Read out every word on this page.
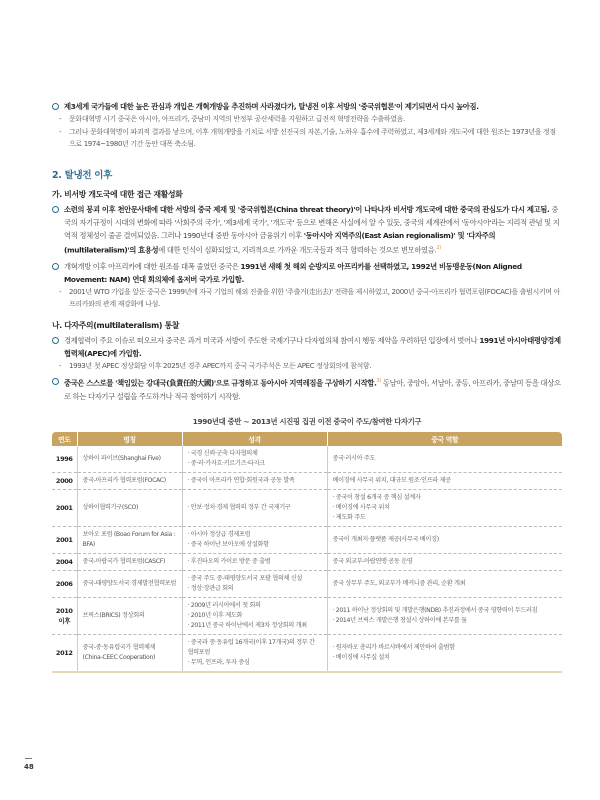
제3세계 국가들에 대한 높은 관심과 개입은 개혁개방을 추진하며 사라졌다가, 탈냉전 이후 서방의 '중국위협론'이 제기되면서 다시 높아짐.
- 문화대혁명 시기 중국은 아시아, 아프리카, 중남미 지역의 반정부 공산세력을 지원하고 급진적 혁명전략을 수출하였음.
- 그러나 문화대혁명이 파괴적 결과를 낳으며, 이후 개혁개방을 기치로 서방 선진국의 자본,기술, 노하우 흡수에 주력하였고, 제3세계와 개도국에 대한 원조는 1973년을 정점으로 1974~1980년 기간 동안 대폭 축소됨.
2. 탈냉전 이후
가. 비서방 개도국에 대한 접근 재활성화
소련의 붕괴 이후 천안문사태에 대한 서방의 중국 제재 및 '중국위협론(China threat theory)'이 나타나자 비서방 개도국에 대한 중국의 관심도가 다시 제고됨. 중국의 자기규정이 시대의 변화에 따라 '사회주의 국가', '제3세계 국가', '개도국' 등으로 변해온 사실에서 알 수 있듯, 중국의 세계관에서 '동아시아'라는 지리적 관념 및 지역적 정체성이 줄곧 결여되었음. 그러나 1990년대 중반 동아시아 금융위기 이후 '동아시아 지역주의(East Asian regionalism)' 및 '다자주의(multilateralism)'의 효용성에 대한 인식이 심화되었고, 지리적으로 가까운 개도국들과 적극 협력하는 것으로 변모하였음.$^{2)}$
개혁개방 이후 아프리카에 대한 원조를 대폭 줄였던 중국은 1991년 새해 첫 해외 순방지로 아프리카를 선택하였고, 1992년 비동맹운동(Non Aligned Movement: NAM) 연대 회의체에 옵저버 국가로 가입함.
- 2001년 WTO 가입을 앞둔 중국은 1999년에 자국 기업의 해외 진출을 위한 '주출거(走出去)' 전략을 제시하였고, 2000년 중국-아프리카 협력포럼(FOCAC)을 출범시키며 아프리카와의 관계 재강화에 나섬.
나. 다자주의(multilateralism) 통찰
경제협력이 주요 이슈로 떠오르자 중국은 과거 미국과 서방이 주도한 국제기구나 다자협의체 참여시 행동 제약을 우려하던 입장에서 벗어나 1991년 아시아태평양경제협력체(APEC)에 가입함.
- 1993년 첫 APEC 정상회담 이후 2025년 경주 APEC까지 중국 국가주석은 모든 APEC 정상회의에 참석함.
중국은 스스로를 '책임있는 강대국(負責任的大國)'으로 규정하고 동아시아 지역레짐을 구상하기 시작함.$^{3)}$ 동남아, 중앙아, 서남아, 중동, 아프리카, 중남미 등을 대상으로 하는 다자기구 설립을 주도하거나 적극 참여하기 시작함.
1990년대 중반 ~ 2013년 시진핑 집권 이전 중국이 주도/참여한 다자기구
연도	명칭	성격	중국 역할
1996	상하이 파이브(Shanghai Five)	· 국경 신뢰·군축 다자협의체
· 중·러·카자흐·키르기즈·타지크	중국·러시아 주도

2000	중국-아프리카 협력포럼(FOCAC)	· 중국이 아프리카 연합·회원국과 공동 발족	베이징에 사무국 위치, 대규모 원조·인프라 제공

2001	상하이협력기구(SCO)	· 안보·정치·경제 협력의 정부 간 국제기구	· 중국이 창설 6개국 중 핵심 설계자
· 베이징에 사무국 위치
· 제도화 주도

2001	보아오 포럼 (Boao Forum for Asia : BFA)	· 아시아 정상급 경제포럼
· 중국 하이난 보아오에 상설화함	중국이 개최지·플랫폼 제공(사무국 베이징)

2004	중국-아랍국가 협력포럼(CASCF)	· 후진타오의 카이로 방문 중 출범	중국 외교부-아랍연맹 공동 운영

2006	중국-태평양도서국 경제발전협력포럼	· 중국 주도 중-태평양도서국 포괄 협의체 신설
· 정상·장관급 회의	중국 상무부 주도, 외교부가 메커니즘 관리, 순환 개최

2010 이후	브릭스(BRICS) 정상회의	· 2009년 러시아에서 첫 회의
· 2010년 이후 제도화
· 2011년 중국 하이난에서 제3차 정상회의 개최	· 2011 하이난 정상회의 및 개발은행(NDB) 추진과정에서 중국 영향력이 두드러짐
· 2014년 브릭스 개발은행 창설시 상하이에 본부를 둠

2012	중국-중·동유럽국가 협력체제 (China-CEEC Cooperation)	· 중국과 중·동유럽 16개국(이후 17개국)의 정부 간 협력포럼
· 무역, 인프라, 투자 중심	· 원자바오 총리가 바르샤바에서 제안하여 출범함
· 베이징에 사무실 설치
48
